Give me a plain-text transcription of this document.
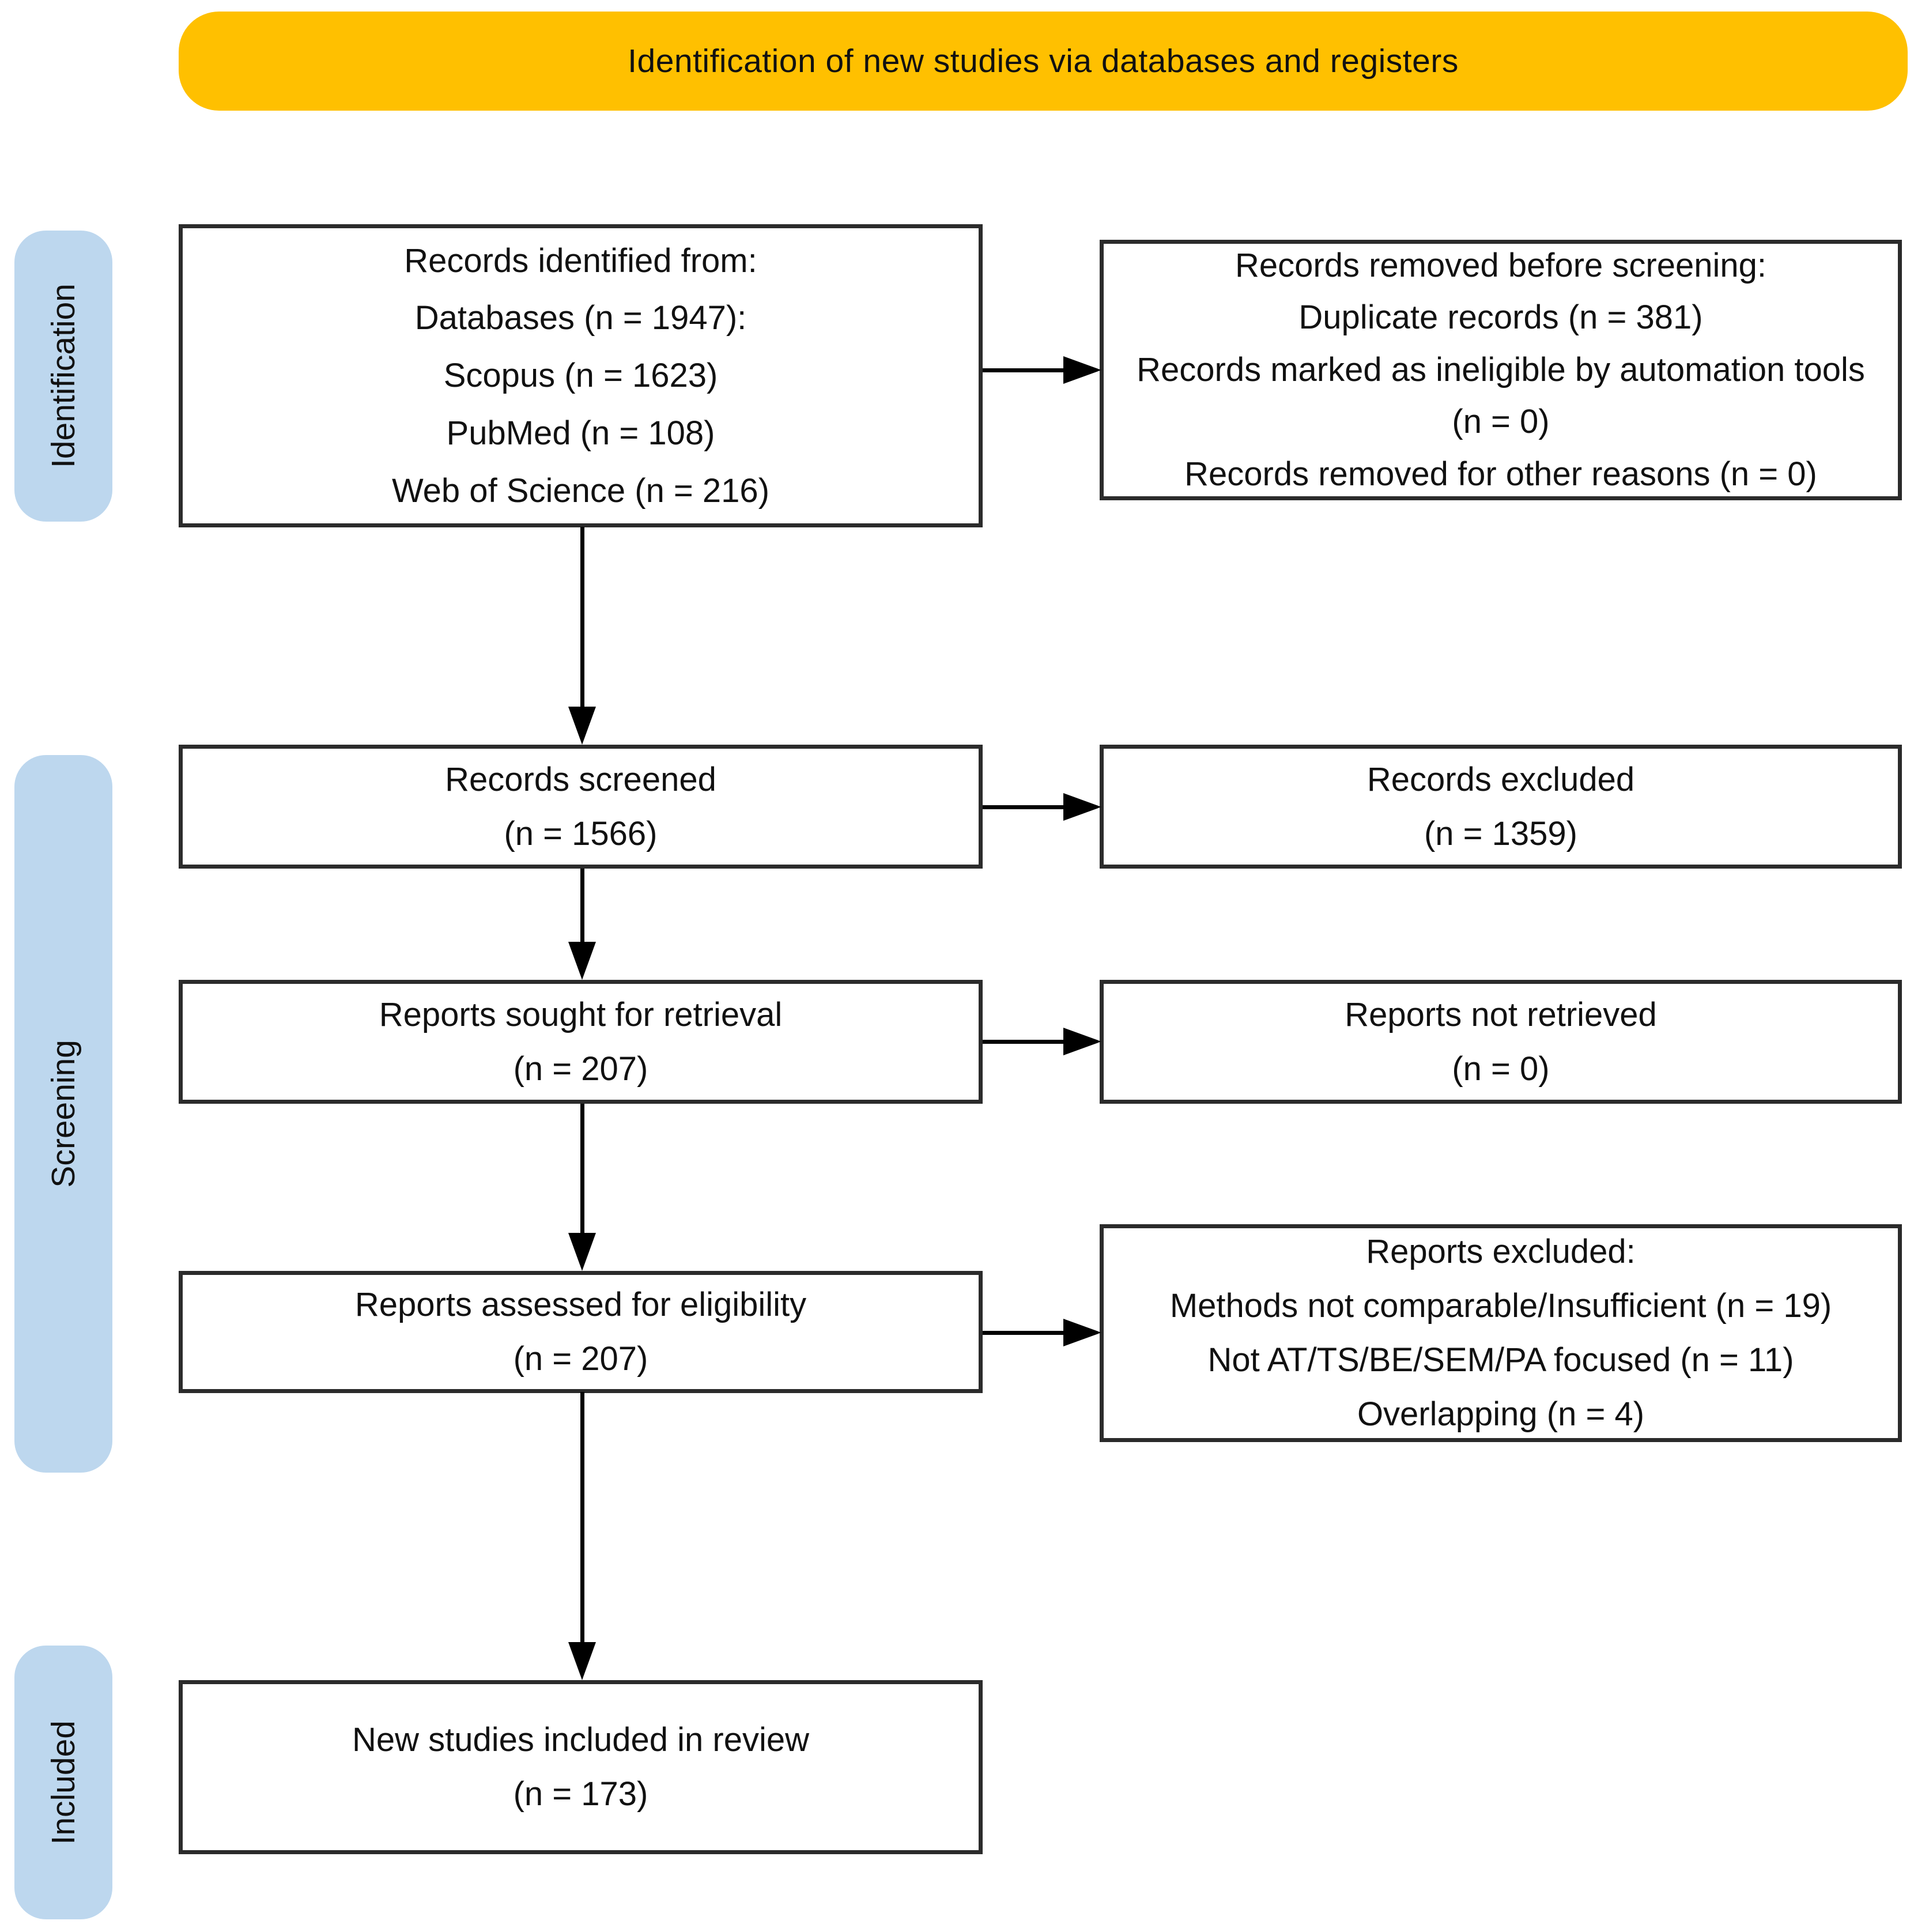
Identification of new studies via databases and registers
Identification
Screening
Included
Records identified from:
Databases (n = 1947):
Scopus (n = 1623)
PubMed (n = 108)
Web of Science (n = 216)
Records removed before screening:
Duplicate records (n = 381)
Records marked as ineligible by automation tools (n = 0)
Records removed for other reasons (n = 0)
Records screened
(n = 1566)
Records excluded
(n = 1359)
Reports sought for retrieval
(n = 207)
Reports not retrieved
(n = 0)
Reports assessed for eligibility
(n = 207)
Reports excluded:
Methods not comparable/Insufficient (n = 19)
Not AT/TS/BE/SEM/PA focused (n = 11)
Overlapping (n = 4)
New studies included in review
(n = 173)
